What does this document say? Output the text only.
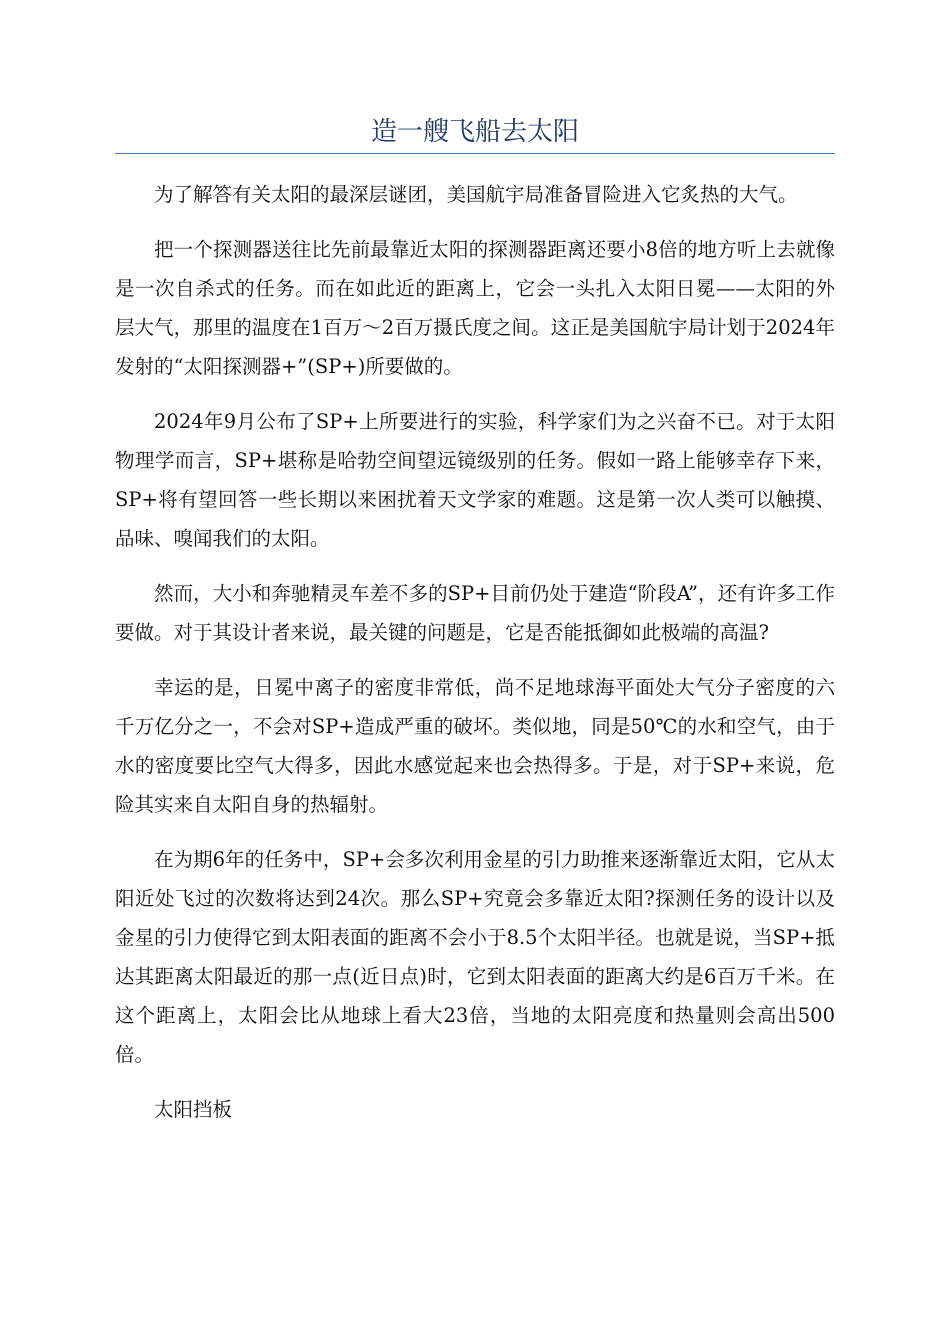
造一艘飞船去太阳

为了解答有关太阳的最深层谜团，美国航宇局准备冒险进入它炙热的大气。

把一个探测器送往比先前最靠近太阳的探测器距离还要小8倍的地方听上去就像是一次自杀式的任务。而在如此近的距离上，它会一头扎入太阳日冕——太阳的外层大气，那里的温度在1百万～2百万摄氏度之间。这正是美国航宇局计划于2024年发射的“太阳探测器+”(SP+)所要做的。

2024年9月公布了SP+上所要进行的实验，科学家们为之兴奋不已。对于太阳物理学而言，SP+堪称是哈勃空间望远镜级别的任务。假如一路上能够幸存下来，SP+将有望回答一些长期以来困扰着天文学家的难题。这是第一次人类可以触摸、品味、嗅闻我们的太阳。

然而，大小和奔驰精灵车差不多的SP+目前仍处于建造“阶段A”，还有许多工作要做。对于其设计者来说，最关键的问题是，它是否能抵御如此极端的高温?

幸运的是，日冕中离子的密度非常低，尚不足地球海平面处大气分子密度的六千万亿分之一，不会对SP+造成严重的破坏。类似地，同是50℃的水和空气，由于水的密度要比空气大得多，因此水感觉起来也会热得多。于是，对于SP+来说，危险其实来自太阳自身的热辐射。

在为期6年的任务中，SP+会多次利用金星的引力助推来逐渐靠近太阳，它从太阳近处飞过的次数将达到24次。那么SP+究竟会多靠近太阳?探测任务的设计以及金星的引力使得它到太阳表面的距离不会小于8.5个太阳半径。也就是说，当SP+抵达其距离太阳最近的那一点(近日点)时，它到太阳表面的距离大约是6百万千米。在这个距离上，太阳会比从地球上看大23倍，当地的太阳亮度和热量则会高出500倍。

太阳挡板
